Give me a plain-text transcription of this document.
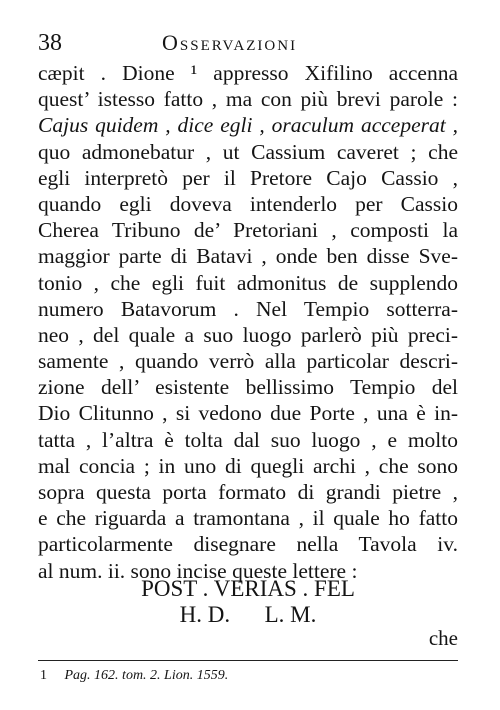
38	Osservazioni
cæpit . Dione ¹ appresso Xifilino accenna
quest’ istesso fatto , ma con più brevi parole :
Cajus quidem , dice egli , oraculum acceperat ,
quo admonebatur , ut Cassium caveret ; che
egli interpretò per il Pretore Cajo Cassio ,
quando egli doveva intenderlo per Cassio
Cherea Tribuno de’ Pretoriani , composti la
maggior parte di Batavi , onde ben disse Sve-
tonio , che egli fuit admonitus de supplendo
numero Batavorum . Nel Tempio sotterra-
neo , del quale a suo luogo parlerò più preci-
samente , quando verrò alla particolar descri-
zione dell’ esistente bellissimo Tempio del
Dio Clitunno , si vedono due Porte , una è in-
tatta , l’altra è tolta dal suo luogo , e molto
mal concia ; in uno di quegli archi , che sono
sopra questa porta formato di grandi pietre ,
e che riguarda a tramontana , il quale ho fatto
particolarmente disegnare nella Tavola iv.
al num. ii. sono incise queste lettere :
POST . VERIAS . FEL
H. D.      L. M.
che
1 Pag. 162. tom. 2. Lion. 1559.
